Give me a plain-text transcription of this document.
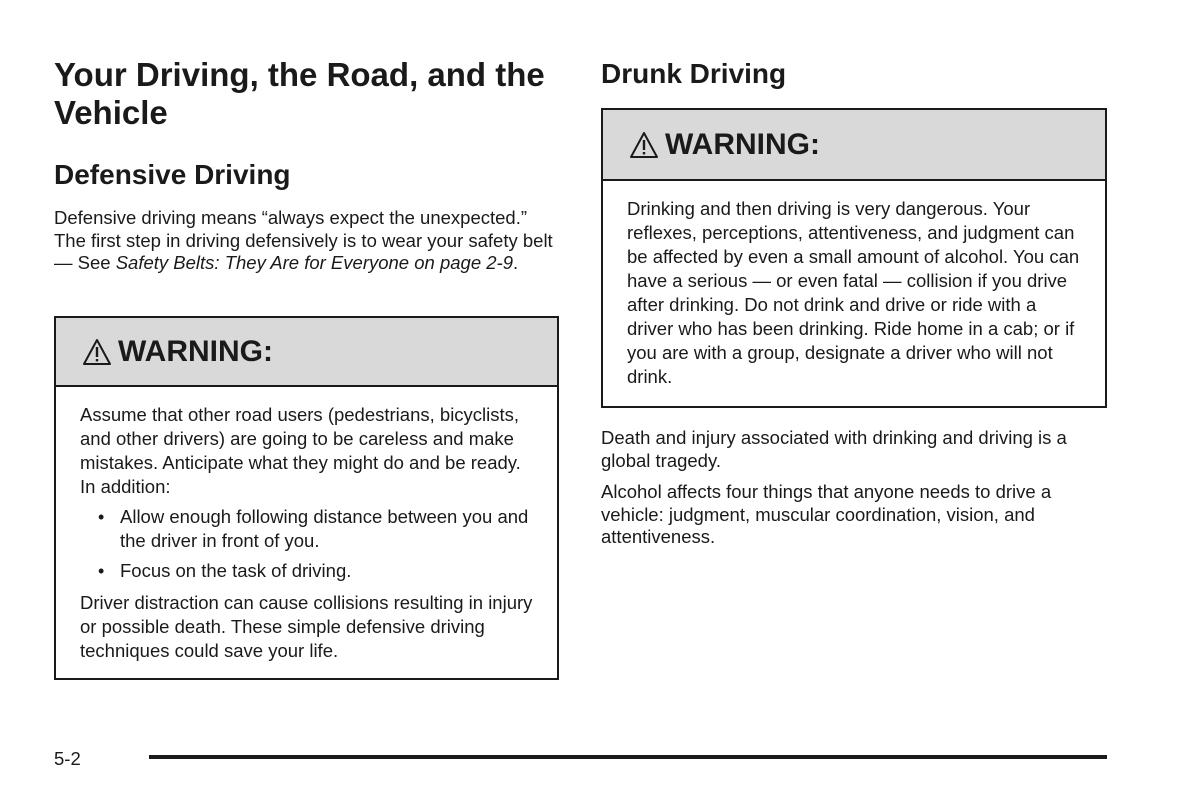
Your Driving, the Road, and the Vehicle
Defensive Driving

Defensive driving means “always expect the unexpected.” The first step in driving defensively is to wear your safety belt — See Safety Belts: They Are for Everyone on page 2-9.

WARNING:

Assume that other road users (pedestrians, bicyclists, and other drivers) are going to be careless and make mistakes. Anticipate what they might do and be ready. In addition:

• Allow enough following distance between you and the driver in front of you.
• Focus on the task of driving.

Driver distraction can cause collisions resulting in injury or possible death. These simple defensive driving techniques could save your life.

Drunk Driving
WARNING:

Drinking and then driving is very dangerous. Your reflexes, perceptions, attentiveness, and judgment can be affected by even a small amount of alcohol. You can have a serious — or even fatal — collision if you drive after drinking. Do not drink and drive or ride with a driver who has been drinking. Ride home in a cab; or if you are with a group, designate a driver who will not drink.

Death and injury associated with drinking and driving is a global tragedy.

Alcohol affects four things that anyone needs to drive a vehicle: judgment, muscular coordination, vision, and attentiveness.

5-2
